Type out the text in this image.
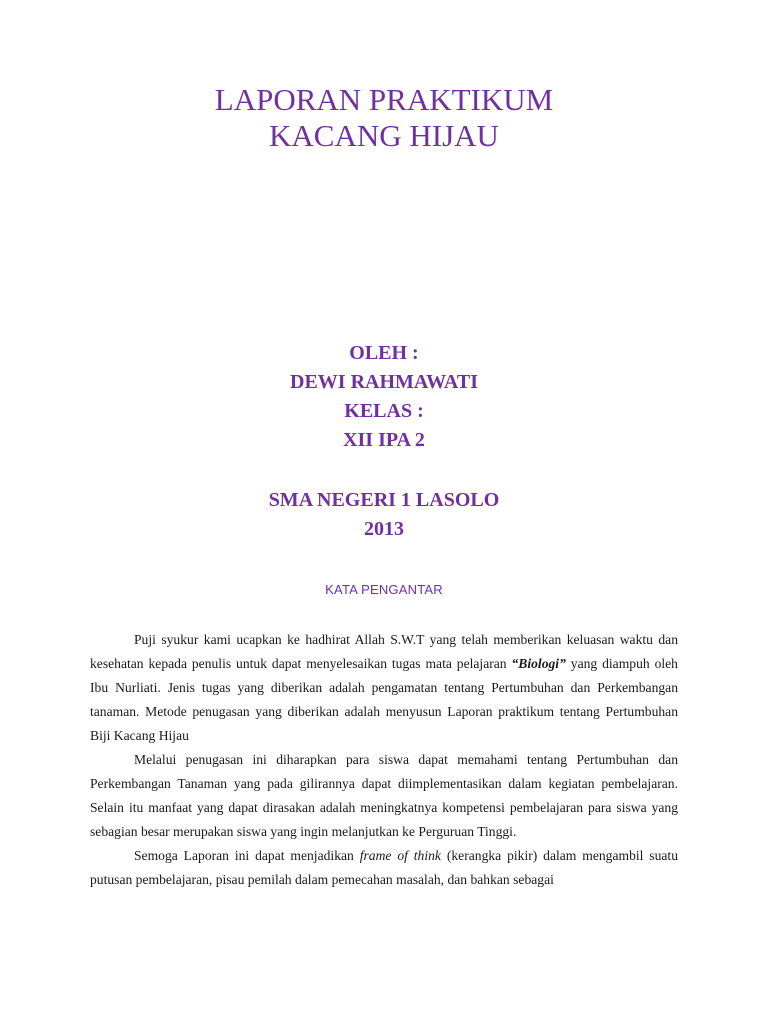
LAPORAN PRAKTIKUM
KACANG HIJAU
OLEH :
DEWI RAHMAWATI
KELAS :
XII IPA 2
SMA NEGERI 1 LASOLO
2013
KATA PENGANTAR

Puji syukur kami ucapkan ke hadhirat Allah S.W.T yang telah memberikan keluasan waktu dan kesehatan kepada penulis untuk dapat menyelesaikan tugas mata pelajaran “Biologi” yang diampuh oleh Ibu Nurliati. Jenis tugas yang diberikan adalah pengamatan tentang Pertumbuhan dan Perkembangan tanaman. Metode penugasan yang diberikan adalah menyusun Laporan praktikum tentang Pertumbuhan Biji Kacang Hijau

Melalui penugasan ini diharapkan para siswa dapat memahami tentang Pertumbuhan dan Perkembangan Tanaman yang pada gilirannya dapat diimplementasikan dalam kegiatan pembelajaran. Selain itu manfaat yang dapat dirasakan adalah meningkatnya kompetensi pembelajaran para siswa yang sebagian besar merupakan siswa yang ingin melanjutkan ke Perguruan Tinggi.

Semoga Laporan ini dapat menjadikan frame of think (kerangka pikir) dalam mengambil suatu putusan pembelajaran, pisau pemilah dalam pemecahan masalah, dan bahkan sebagai
